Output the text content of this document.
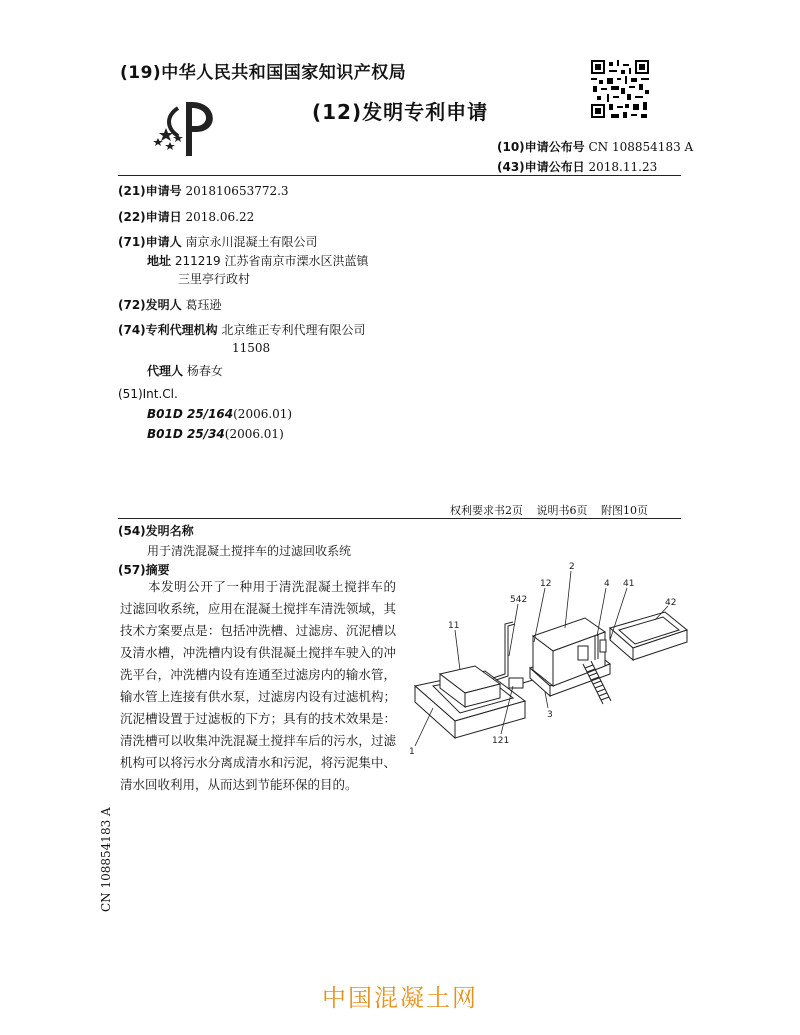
(19)中华人民共和国国家知识产权局
(12)发明专利申请
(10)申请公布号 CN 108854183 A
(43)申请公布日 2018.11.23
(21)申请号 201810653772.3
(22)申请日 2018.06.22
(71)申请人 南京永川混凝土有限公司
地址 211219 江苏省南京市溧水区洪蓝镇
三里亭行政村
(72)发明人 葛珏逊
(74)专利代理机构 北京维正专利代理有限公司
11508
代理人 杨春女
(51)Int.Cl.
B01D 25/164(2006.01)
B01D 25/34(2006.01)
权利要求书2页 说明书6页 附图10页
(54)发明名称
用于清洗混凝土搅拌车的过滤回收系统
(57)摘要
本发明公开了一种用于清洗混凝土搅拌车的过滤回收系统，应用在混凝土搅拌车清洗领域，其技术方案要点是：包括冲洗槽、过滤房、沉泥槽以及清水槽，冲洗槽内设有供混凝土搅拌车驶入的冲洗平台，冲洗槽内设有连通至过滤房内的输水管，输水管上连接有供水泵，过滤房内设有过滤机构；沉泥槽设置于过滤板的下方；具有的技术效果是：清洗槽可以收集冲洗混凝土搅拌车后的污水，过滤机构可以将污水分离成清水和污泥，将污泥集中、清水回收利用，从而达到节能环保的目的。
2
4 41
42
12
542
11
3
121
1
CN 108854183 A
中国混凝土网
